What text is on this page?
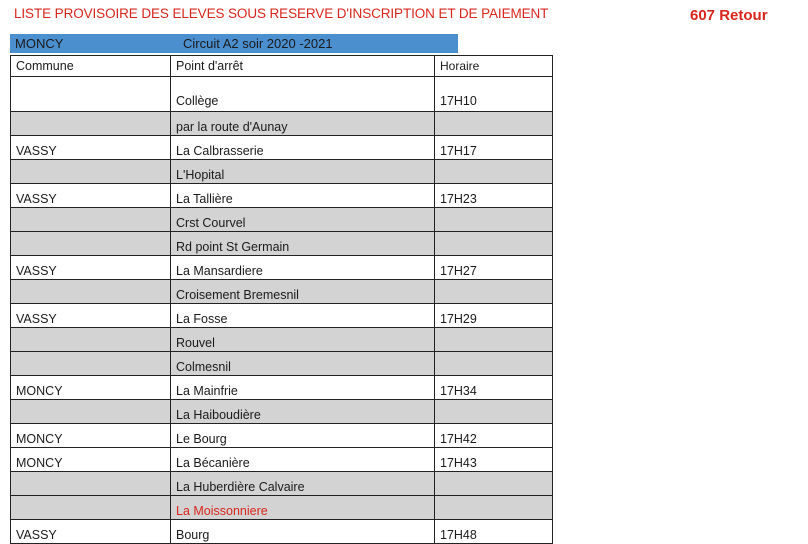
LISTE PROVISOIRE DES ELEVES SOUS RESERVE D'INSCRIPTION ET DE PAIEMENT	607 Retour
MONCY	Circuit A2 soir 2020 -2021
Commune	Point d'arrêt	Horaire
	Collège	17H10
	par la route d'Aunay	
VASSY	La Calbrasserie	17H17
	L'Hopital	
VASSY	La Tallière	17H23
	Crst Courvel	
	Rd point St Germain	
VASSY	La Mansardiere	17H27
	Croisement Bremesnil	
VASSY	La Fosse	17H29
	Rouvel	
	Colmesnil	
MONCY	La Mainfrie	17H34
	La Haiboudière	
MONCY	Le Bourg	17H42
MONCY	La Bécanière	17H43
	La Huberdière Calvaire	
	La Moissonniere	
VASSY	Bourg	17H48
